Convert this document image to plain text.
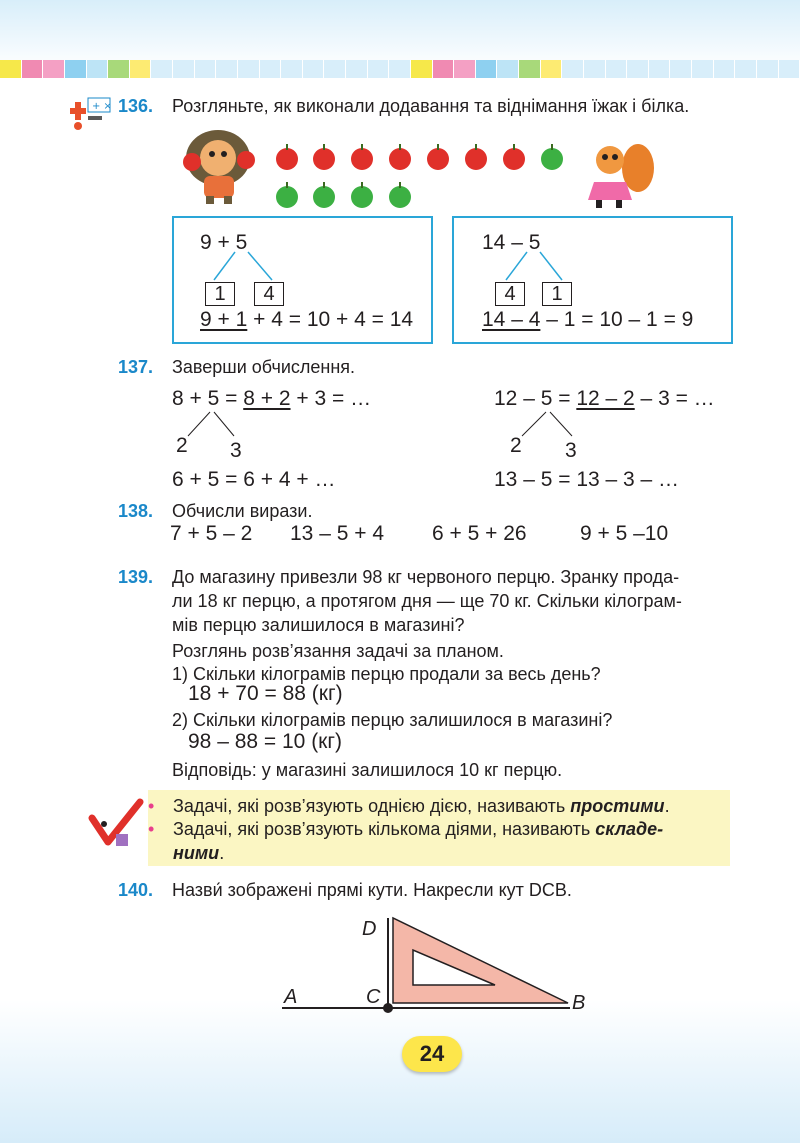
+ × 136. Розгляньте, як виконали додавання та віднімання їжак і білка.
9 + 5
1	4
9 + 1 + 4 = 10 + 4 = 14
14 – 5
4	1
14 – 4 – 1 = 10 – 1 = 9
137. Заверши обчислення.
8 + 5 = 8 + 2 + 3 = …
2 3
6 + 5 = 6 + 4 + …
12 – 5 = 12 – 2 – 3 = …
2 3
13 – 5 = 13 – 3 – …
138. Обчисли вирази.
7 + 5 – 2 13 – 5 + 4 6 + 5 + 26	9 + 5 –10
139. До магазину привезли 98 кг червоного перцю. Зранку прода-
ли 18 кг перцю, а протягом дня — ще 70 кг. Скільки кілограм-
мів перцю залишилося в магазині?
Розглянь розв’язання задачі за планом.
1) Скільки кілограмів перцю продали за весь день?
18 + 70 = 88 (кг)
2) Скільки кілограмів перцю залишилося в магазині?
98 – 88 = 10 (кг)
Відповідь: у магазині залишилося 10 кг перцю.
• Задачі, які розв’язують однією дією, називають простими.
• Задачі, які розв’язують кількома діями, називають складе-
ними.
140. Назви́ зображені прямі кути. Накресли кут DCB.
D
A	C	B
24
